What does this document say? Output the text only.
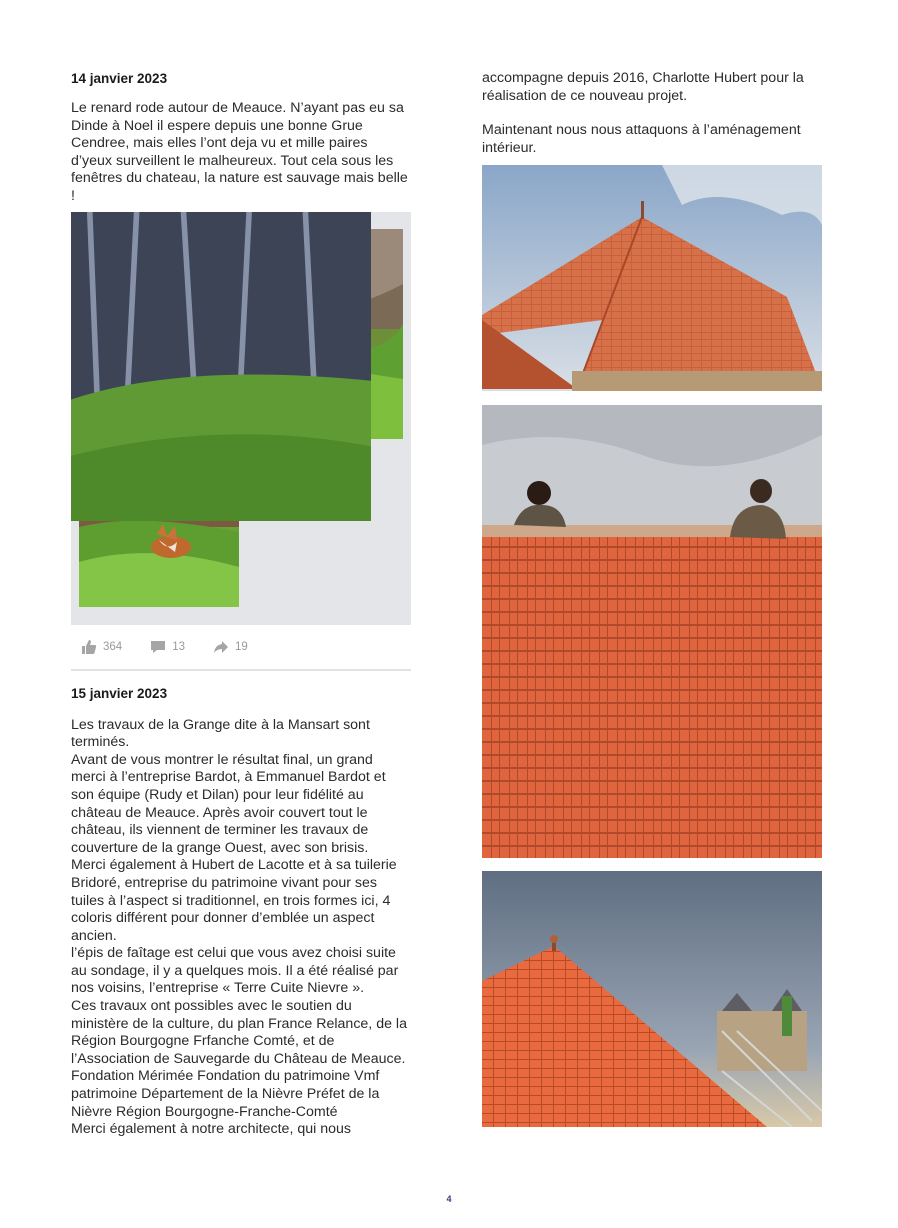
14 janvier 2023

Le renard rode autour de Meauce. N’ayant pas eu sa Dinde à Noel il espere depuis une bonne Grue Cendree, mais elles l’ont deja vu et mille paires d’yeux surveillent le malheureux. Tout cela sous les fenêtres du chateau, la nature est sauvage mais belle !

364	13	19

15 janvier 2023

Les travaux de la Grange dite à la Mansart sont terminés.

Avant de vous montrer le résultat final, un grand merci à l’entreprise Bardot, à Emmanuel Bardot et son équipe (Rudy et Dilan) pour leur fidélité au château de Meauce. Après avoir couvert tout le château, ils viennent de terminer les travaux de couverture de la grange Ouest, avec son brisis.

Merci également à Hubert de Lacotte et à sa tuilerie Bridoré, entreprise du patrimoine vivant pour ses tuiles à l’aspect si traditionnel, en trois formes ici, 4 coloris différent pour donner d’emblée un aspect ancien.

l’épis de faîtage est celui que vous avez choisi suite au sondage, il y a quelques mois. Il a été réalisé par nos voisins, l’entreprise « Terre Cuite Nievre ».

Ces travaux ont possibles avec le soutien du ministère de la culture, du plan France Relance, de la Région Bourgogne Frfanche Comté, et de l’Association de Sauvegarde du Château de Meauce.

Fondation Mérimée Fondation du patrimoine Vmf patrimoine Département de la Nièvre Préfet de la Nièvre Région Bourgogne-Franche-Comté

Merci également à notre architecte, qui nous

accompagne depuis 2016, Charlotte Hubert pour la réalisation de ce nouveau projet.

Maintenant nous nous attaquons à l’aménagement intérieur.

4
